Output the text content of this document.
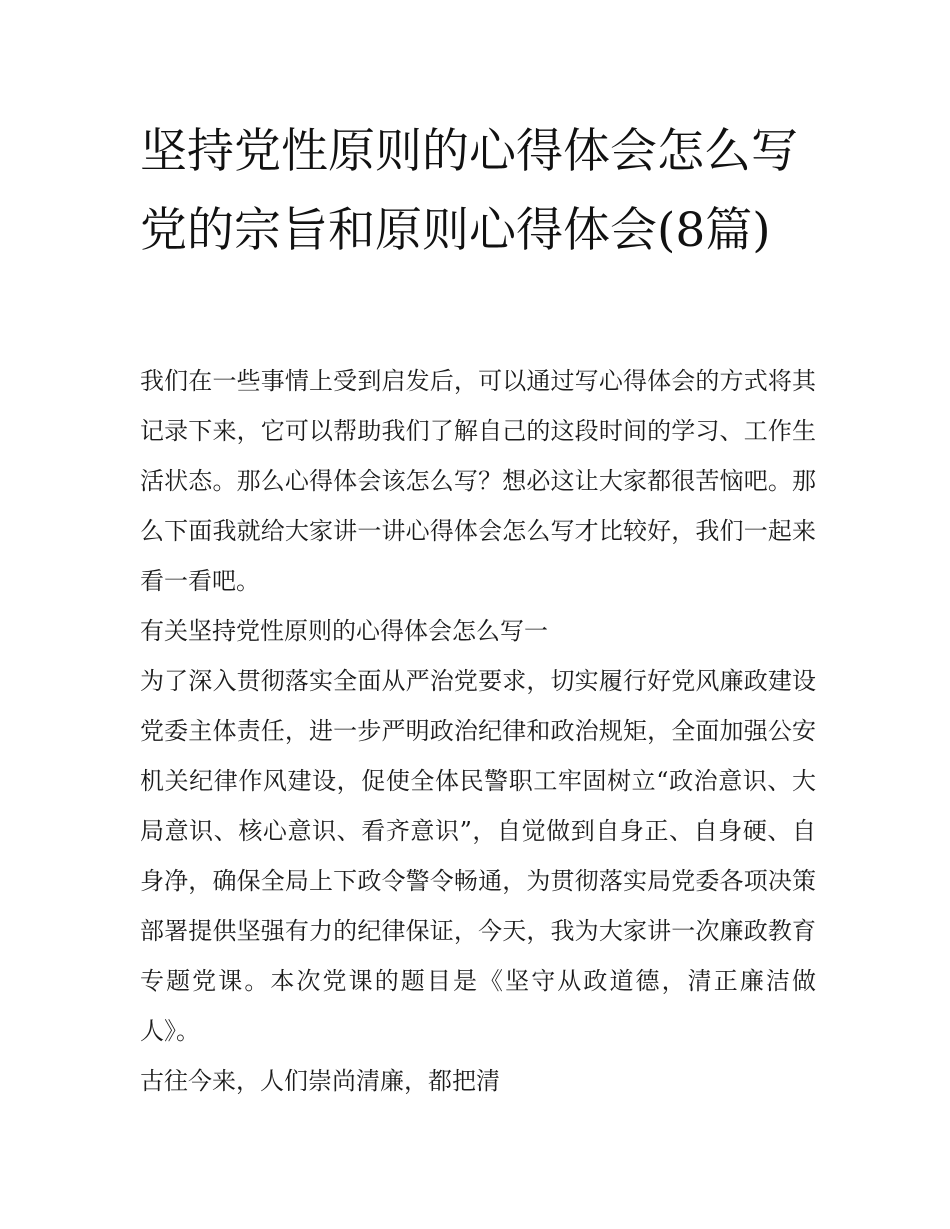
坚持党性原则的心得体会怎么写 党的宗旨和原则心得体会(8篇)

我们在一些事情上受到启发后，可以通过写心得体会的方式将其记录下来，它可以帮助我们了解自己的这段时间的学习、工作生活状态。那么心得体会该怎么写？想必这让大家都很苦恼吧。那么下面我就给大家讲一讲心得体会怎么写才比较好，我们一起来看一看吧。

有关坚持党性原则的心得体会怎么写一

为了深入贯彻落实全面从严治党要求，切实履行好党风廉政建设党委主体责任，进一步严明政治纪律和政治规矩，全面加强公安机关纪律作风建设，促使全体民警职工牢固树立“政治意识、大局意识、核心意识、看齐意识”，自觉做到自身正、自身硬、自身净，确保全局上下政令警令畅通，为贯彻落实局党委各项决策部署提供坚强有力的纪律保证，今天，我为大家讲一次廉政教育专题党课。本次党课的题目是《坚守从政道德，清正廉洁做人》。

古往今来，人们崇尚清廉，都把清
